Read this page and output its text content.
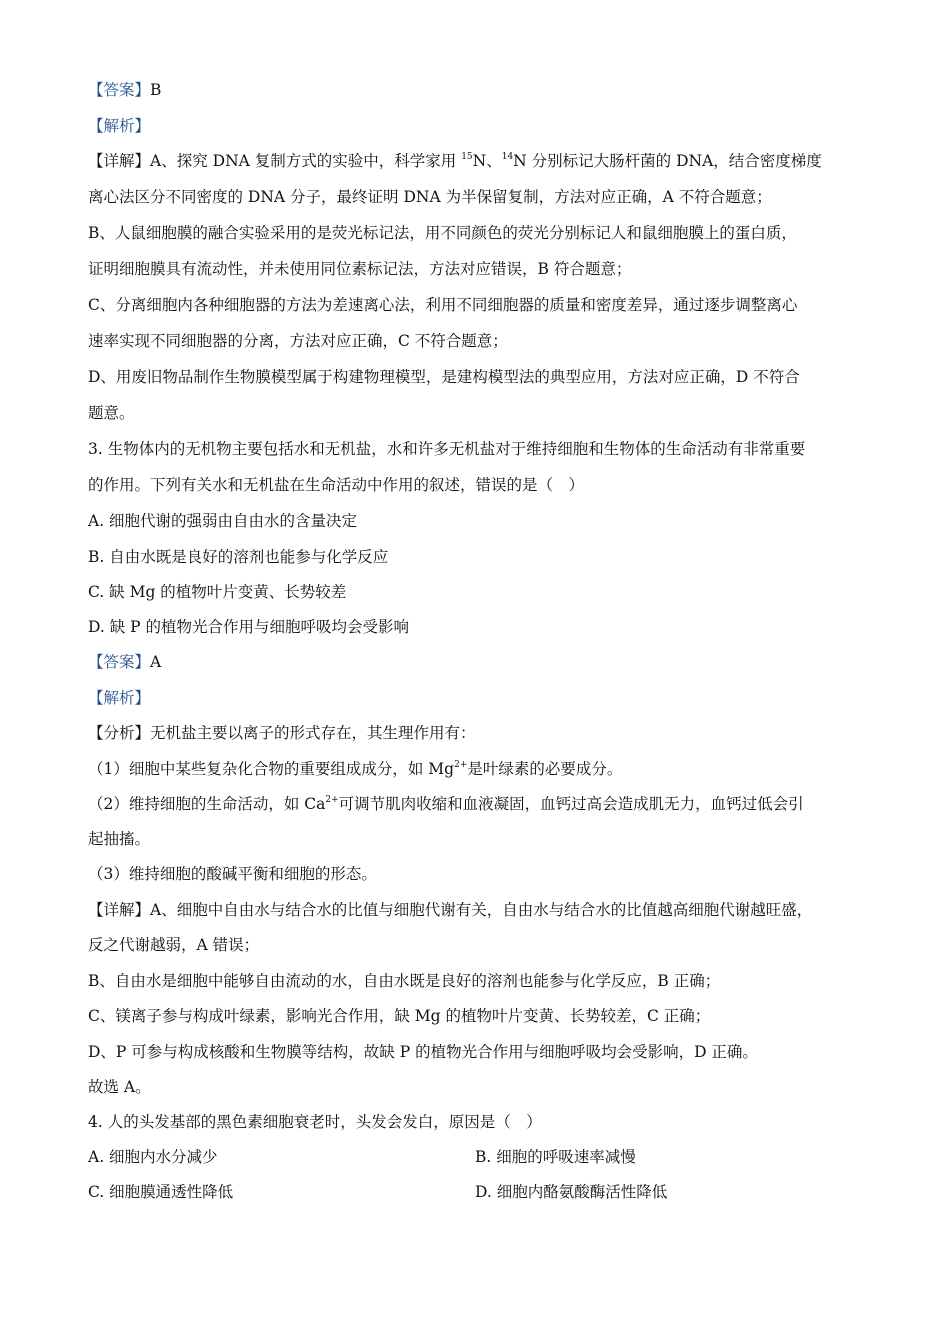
【答案】B
【解析】
【详解】A、探究 DNA 复制方式的实验中，科学家用 $^{15}$N、$^{14}$N 分别标记大肠杆菌的 DNA，结合密度梯度
离心法区分不同密度的 DNA 分子，最终证明 DNA 为半保留复制，方法对应正确，A 不符合题意；
B、人鼠细胞膜的融合实验采用的是荧光标记法，用不同颜色的荧光分别标记人和鼠细胞膜上的蛋白质，
证明细胞膜具有流动性，并未使用同位素标记法，方法对应错误，B 符合题意；
C、分离细胞内各种细胞器的方法为差速离心法，利用不同细胞器的质量和密度差异，通过逐步调整离心
速率实现不同细胞器的分离，方法对应正确，C 不符合题意；
D、用废旧物品制作生物膜模型属于构建物理模型，是建构模型法的典型应用，方法对应正确，D 不符合
题意。
3. 生物体内的无机物主要包括水和无机盐，水和许多无机盐对于维持细胞和生物体的生命活动有非常重要
的作用。下列有关水和无机盐在生命活动中作用的叙述，错误的是（　）
A. 细胞代谢的强弱由自由水的含量决定
B. 自由水既是良好的溶剂也能参与化学反应
C. 缺 Mg 的植物叶片变黄、长势较差
D. 缺 P 的植物光合作用与细胞呼吸均会受影响
【答案】A
【解析】
【分析】无机盐主要以离子的形式存在，其生理作用有：
（1）细胞中某些复杂化合物的重要组成成分，如 $Mg^{2+}$是叶绿素的必要成分。
（2）维持细胞的生命活动，如 $Ca^{2+}$可调节肌肉收缩和血液凝固，血钙过高会造成肌无力，血钙过低会引
起抽搐。
（3）维持细胞的酸碱平衡和细胞的形态。
【详解】A、细胞中自由水与结合水的比值与细胞代谢有关，自由水与结合水的比值越高细胞代谢越旺盛，
反之代谢越弱，A 错误；
B、自由水是细胞中能够自由流动的水，自由水既是良好的溶剂也能参与化学反应，B 正确；
C、镁离子参与构成叶绿素，影响光合作用，缺 Mg 的植物叶片变黄、长势较差，C 正确；
D、P 可参与构成核酸和生物膜等结构，故缺 P 的植物光合作用与细胞呼吸均会受影响，D 正确。
故选 A。
4. 人的头发基部的黑色素细胞衰老时，头发会发白，原因是（　）
A. 细胞内水分减少	B. 细胞的呼吸速率减慢
C. 细胞膜通透性降低	D. 细胞内酪氨酸酶活性降低
